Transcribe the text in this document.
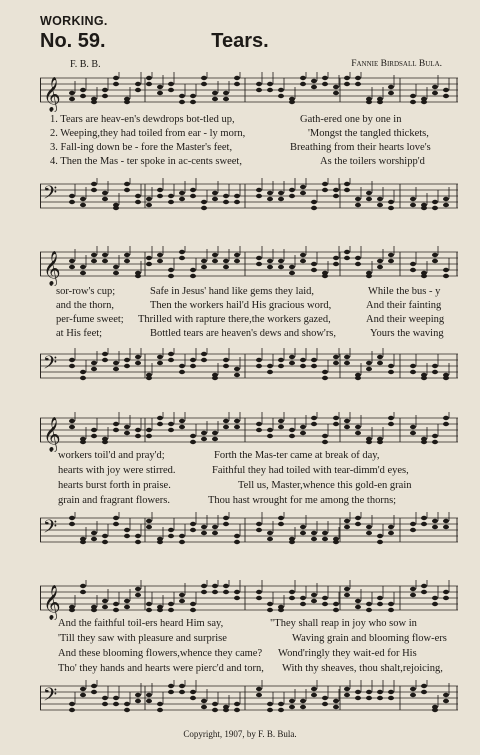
WORKING.
No. 59.	Tears.
F. B. B.	Fannie Birdsall Bula.
𝄞
1. Tears are heav-en's dewdrops bot-tled up,	Gath-ered one by one in
2. Weeping,they had toiled from ear - ly morn,	'Mongst the tangled thickets,
3. Fall-ing down be - fore the Master's feet,	Breathing from their hearts love's
4. Then the Mas - ter spoke in ac-cents sweet,	As the toilers worshipp'd
𝄢
𝄞
sor-row's cup;	Safe in Jesus' hand like gems they laid,	While the bus - y
and the thorn,	Then the workers hail'd His gracious word,	And their fainting
per-fume sweet; Thrilled with rapture there,the workers gazed,	And their weeping
at His feet;	Bottled tears are heaven's dews and show'rs,	Yours the waving
𝄢
𝄞
workers toil'd and pray'd;	Forth the Mas-ter came at break of day,
hearts with joy were stirred.	Faithful they had toiled with tear-dimm'd eyes,
hearts burst forth in praise.	Tell us, Master,whence this gold-en grain
grain and fragrant flowers.	Thou hast wrought for me among the thorns;
𝄢
𝄞
And the faithful toil-ers heard Him say,	"They shall reap in joy who sow in
'Till they saw with pleasure and surprise	Waving grain and blooming flow-ers
And these blooming flowers,whence they came? Wond'ringly they wait-ed for His
Tho' they hands and hearts were pierc'd and torn, With thy sheaves, thou shalt,rejoicing,
𝄢
Copyright, 1907, by F. B. Bula.
